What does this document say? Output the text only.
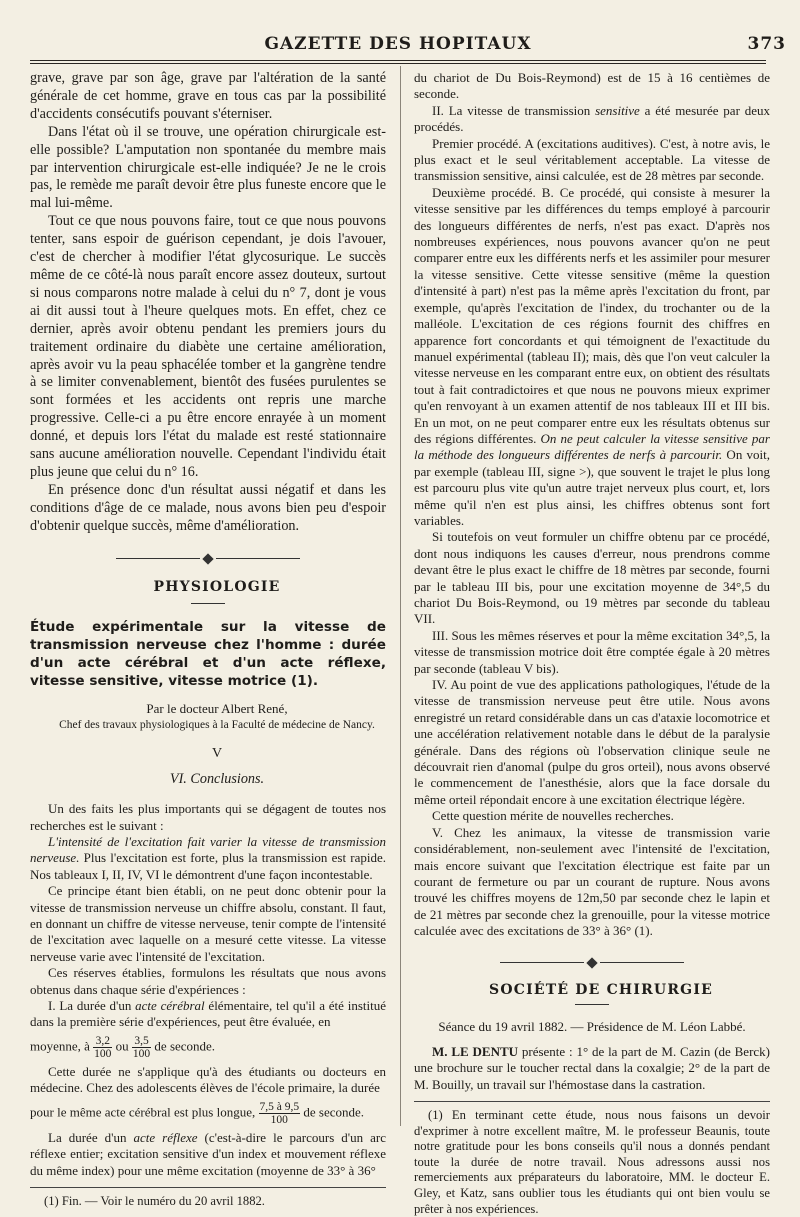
GAZETTE DES HOPITAUX	373

grave, grave par son âge, grave par l'altération de la santé générale de cet homme, grave en tous cas par la possibilité d'accidents consécutifs pouvant s'éterniser.

Dans l'état où il se trouve, une opération chirurgicale est-elle possible? L'amputation non spontanée du membre mais par intervention chirurgicale est-elle indiquée? Je ne le crois pas, le remède me paraît devoir être plus funeste encore que le mal lui-même.

Tout ce que nous pouvons faire, tout ce que nous pouvons tenter, sans espoir de guérison cependant, je dois l'avouer, c'est de chercher à modifier l'état glycosurique. Le succès même de ce côté-là nous paraît encore assez douteux, surtout si nous comparons notre malade à celui du n° 7, dont je vous ai dit aussi tout à l'heure quelques mots. En effet, chez ce dernier, après avoir obtenu pendant les premiers jours du traitement ordinaire du diabète une certaine amélioration, après avoir vu la peau sphacélée tomber et la gangrène tendre à se limiter convenablement, bientôt des fusées purulentes se sont formées et les accidents ont repris une marche progressive. Celle-ci a pu être encore enrayée à un moment donné, et depuis lors l'état du malade est resté stationnaire sans aucune amélioration nouvelle. Cependant l'individu était plus jeune que celui du n° 16.

En présence donc d'un résultat aussi négatif et dans les conditions d'âge de ce malade, nous avons bien peu d'espoir d'obtenir quelque succès, même d'amélioration.

PHYSIOLOGIE

Étude expérimentale sur la vitesse de transmission nerveuse chez l'homme : durée d'un acte cérébral et d'un acte réflexe, vitesse sensitive, vitesse motrice (1).

Par le docteur Albert René,

Chef des travaux physiologiques à la Faculté de médecine de Nancy.

V

VI. Conclusions.

Un des faits les plus importants qui se dégagent de toutes nos recherches est le suivant :

L'intensité de l'excitation fait varier la vitesse de transmission nerveuse. Plus l'excitation est forte, plus la transmission est rapide. Nos tableaux I, II, IV, VI le démontrent d'une façon incontestable.

Ce principe étant bien établi, on ne peut donc obtenir pour la vitesse de transmission nerveuse un chiffre absolu, constant. Il faut, en donnant un chiffre de vitesse nerveuse, tenir compte de l'intensité de l'excitation avec laquelle on a mesuré cette vitesse. La vitesse nerveuse varie avec l'intensité de l'excitation.

Ces réserves établies, formulons les résultats que nous avons obtenus dans chaque série d'expériences :

I. La durée d'un acte cérébral élémentaire, tel qu'il a été institué dans la première série d'expériences, peut être évaluée, en

moyenne, à $\frac{3,2}{100}$ ou $\frac{3,5}{100}$ de seconde.

Cette durée ne s'applique qu'à des étudiants ou docteurs en médecine. Chez des adolescents élèves de l'école primaire, la durée

pour le même acte cérébral est plus longue, $\frac{7,5 à 9,5}{100}$ de seconde.

La durée d'un acte réflexe (c'est-à-dire le parcours d'un arc réflexe entier; excitation sensitive d'un index et mouvement réflexe du même index) pour une même excitation (moyenne de 33° à 36°

(1) Fin. — Voir le numéro du 20 avril 1882.

du chariot de Du Bois-Reymond) est de 15 à 16 centièmes de seconde.

II. La vitesse de transmission sensitive a été mesurée par deux procédés.

Premier procédé. A (excitations auditives). C'est, à notre avis, le plus exact et le seul véritablement acceptable. La vitesse de transmission sensitive, ainsi calculée, est de 28 mètres par seconde.

Deuxième procédé. B. Ce procédé, qui consiste à mesurer la vitesse sensitive par les différences du temps employé à parcourir des longueurs différentes de nerfs, n'est pas exact. D'après nos nombreuses expériences, nous pouvons avancer qu'on ne peut comparer entre eux les différents nerfs et les assimiler pour mesurer la vitesse sensitive. Cette vitesse sensitive (même la question d'intensité à part) n'est pas la même après l'excitation du front, par exemple, qu'après l'excitation de l'index, du trochanter ou de la malléole. L'excitation de ces régions fournit des chiffres en apparence fort concordants et qui témoignent de l'exactitude du manuel expérimental (tableau II); mais, dès que l'on veut calculer la vitesse nerveuse en les comparant entre eux, on obtient des résultats tout à fait contradictoires et que nous ne pouvons mieux exprimer qu'en renvoyant à un examen attentif de nos tableaux III et III bis. En un mot, on ne peut comparer entre eux les résultats obtenus sur des régions différentes. On ne peut calculer la vitesse sensitive par la méthode des longueurs différentes de nerfs à parcourir. On voit, par exemple (tableau III, signe >), que souvent le trajet le plus long est parcouru plus vite qu'un autre trajet nerveux plus court, et, lors même qu'il n'en est plus ainsi, les chiffres obtenus sont fort variables.

Si toutefois on veut formuler un chiffre obtenu par ce procédé, dont nous indiquons les causes d'erreur, nous prendrons comme devant être le plus exact le chiffre de 18 mètres par seconde, fourni par le tableau III bis, pour une excitation moyenne de 34°,5 du chariot Du Bois-Reymond, ou 19 mètres par seconde du tableau VII.

III. Sous les mêmes réserves et pour la même excitation 34°,5, la vitesse de transmission motrice doit être comptée égale à 20 mètres par seconde (tableau V bis).

IV. Au point de vue des applications pathologiques, l'étude de la vitesse de transmission nerveuse peut être utile. Nous avons enregistré un retard considérable dans un cas d'ataxie locomotrice et une accélération relativement notable dans le début de la paralysie générale. Dans des régions où l'observation clinique seule ne découvrait rien d'anomal (pulpe du gros orteil), nous avons observé le commencement de l'anesthésie, alors que la face dorsale du même orteil répondait encore à une excitation électrique légère.

Cette question mérite de nouvelles recherches.

V. Chez les animaux, la vitesse de transmission varie considérablement, non-seulement avec l'intensité de l'excitation, mais encore suivant que l'excitation électrique est faite par un courant de fermeture ou par un courant de rupture. Nous avons trouvé les chiffres moyens de 12m,50 par seconde chez le lapin et de 21 mètres par seconde chez la grenouille, pour la vitesse motrice calculée avec des excitations de 33° à 36° (1).

SOCIÉTÉ DE CHIRURGIE

Séance du 19 avril 1882. — Présidence de M. Léon Labbé.

M. LE DENTU présente : 1° de la part de M. Cazin (de Berck) une brochure sur le toucher rectal dans la coxalgie; 2° de la part de M. Bouilly, un travail sur l'hémostase dans la castration.

(1) En terminant cette étude, nous nous faisons un devoir d'exprimer à notre excellent maître, M. le professeur Beaunis, toute notre gratitude pour les bons conseils qu'il nous a donnés pendant toute la durée de notre travail. Nous adressons aussi nos remerciements aux préparateurs du laboratoire, MM. le docteur E. Gley, et Katz, sans oublier tous les étudiants qui ont bien voulu se prêter à nos expériences.
